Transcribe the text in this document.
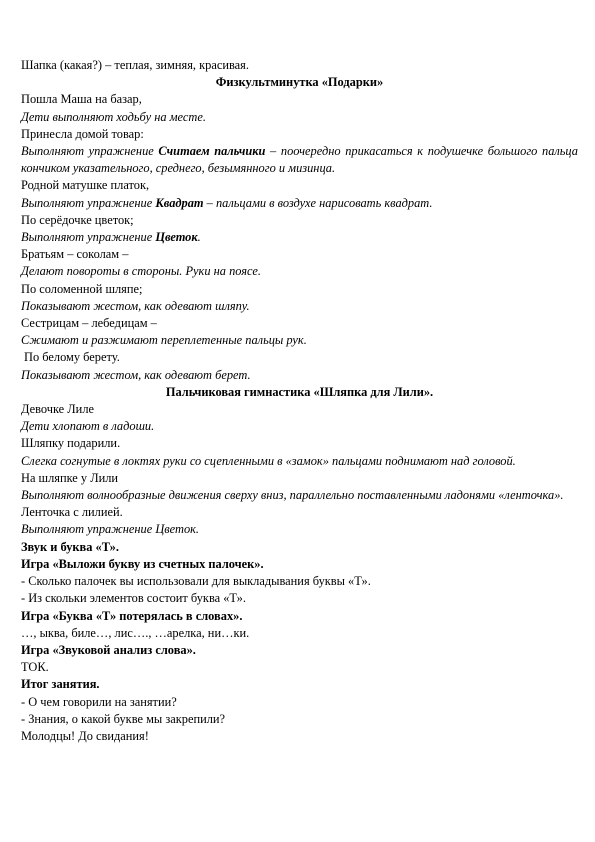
Шапка (какая?) – теплая, зимняя, красивая.

Физкультминутка «Подарки»

Пошла Маша на базар,

Дети выполняют ходьбу на месте.

Принесла домой товар:

Выполняют упражнение Считаем пальчики – поочередно прикасаться к подушечке большого пальца кончиком указательного, среднего, безымянного и мизинца.

Родной матушке платок,

Выполняют упражнение Квадрат – пальцами в воздухе нарисовать квадрат.

По серёдочке цветок;

Выполняют упражнение Цветок.

Братьям – соколам –

Делают повороты в стороны. Руки на поясе.

По соломенной шляпе;

Показывают жестом, как одевают шляпу.

Сестрицам – лебедицам –

Сжимают и разжимают переплетенные пальцы рук.

По белому берету.

Показывают жестом, как одевают берет.

Пальчиковая гимнастика «Шляпка для Лили».

Девочке Лиле

Дети хлопают в ладоши.

Шляпку подарили.

Слегка согнутые в локтях руки со сцепленными в «замок» пальцами поднимают над головой.

На шляпке у Лили

Выполняют волнообразные движения сверху вниз, параллельно поставленными ладонями «ленточка».

Ленточка с лилией.

Выполняют упражнение Цветок.

Звук и буква «Т».

Игра «Выложи букву из счетных палочек».

- Сколько палочек вы использовали для выкладывания буквы «Т».

- Из скольки элементов состоит буква «Т».

Игра «Буква «Т» потерялась в словах».

…, ыква, биле…, лис…., …арелка, ни…ки.

Игра «Звуковой анализ слова».

ТОК.

Итог занятия.

- О чем говорили на занятии?

- Знания, о какой букве мы закрепили?

Молодцы! До свидания!
